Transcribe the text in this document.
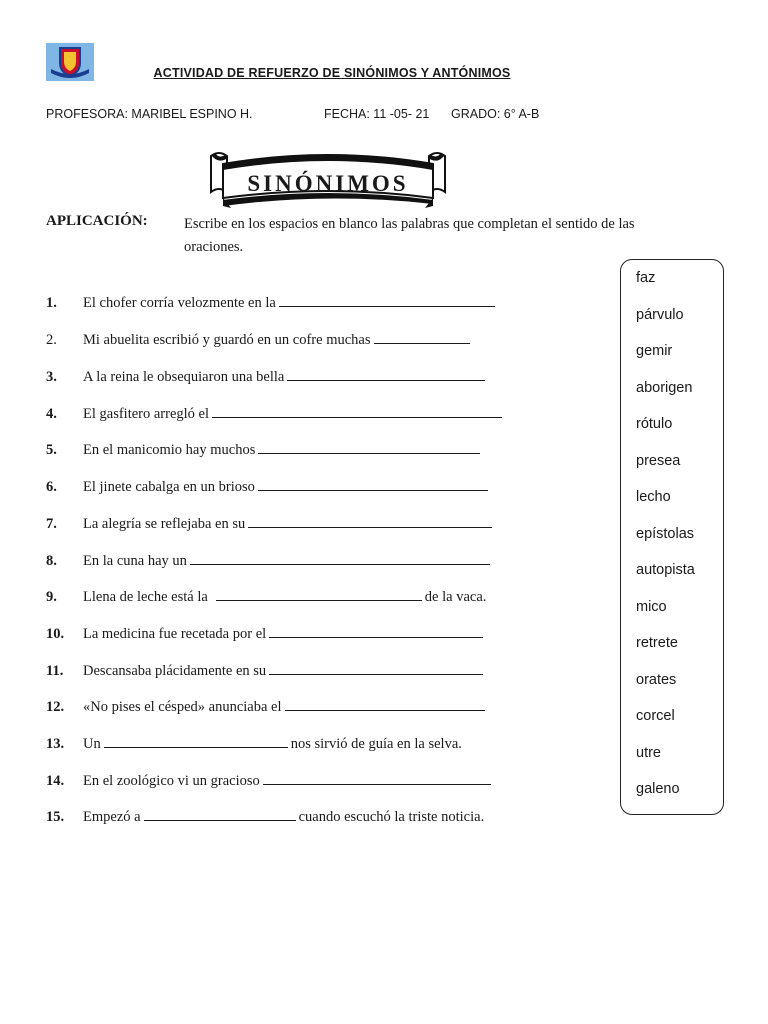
ACTIVIDAD DE REFUERZO DE SINÓNIMOS Y ANTÓNIMOS
PROFESORA: MARIBEL ESPINO H.	FECHA: 11 -05- 21 GRADO: 6° A-B
SINÓNIMOS
APLICACIÓN:	Escribe en los espacios en blanco las palabras que completan el sentido de las oraciones.
1. El chofer corría velozmente en la
2. Mi abuelita escribió y guardó en un cofre muchas
3. A la reina le obsequiaron una bella
4. El gasfitero arregló el
5. En el manicomio hay muchos
6. El jinete cabalga en un brioso
7. La alegría se reflejaba en su
8. En la cuna hay un
9. Llena de leche está la	de la vaca.
10. La medicina fue recetada por el
11. Descansaba plácidamente en su
12. «No pises el césped» anunciaba el
13. Un	nos sirvió de guía en la selva.
14. En el zoológico vi un gracioso
15. Empezó a	cuando escuchó la triste noticia.
faz
párvulo
gemir
aborigen
rótulo
presea
lecho
epístolas
autopista
mico
retrete
orates
corcel
utre
galeno
